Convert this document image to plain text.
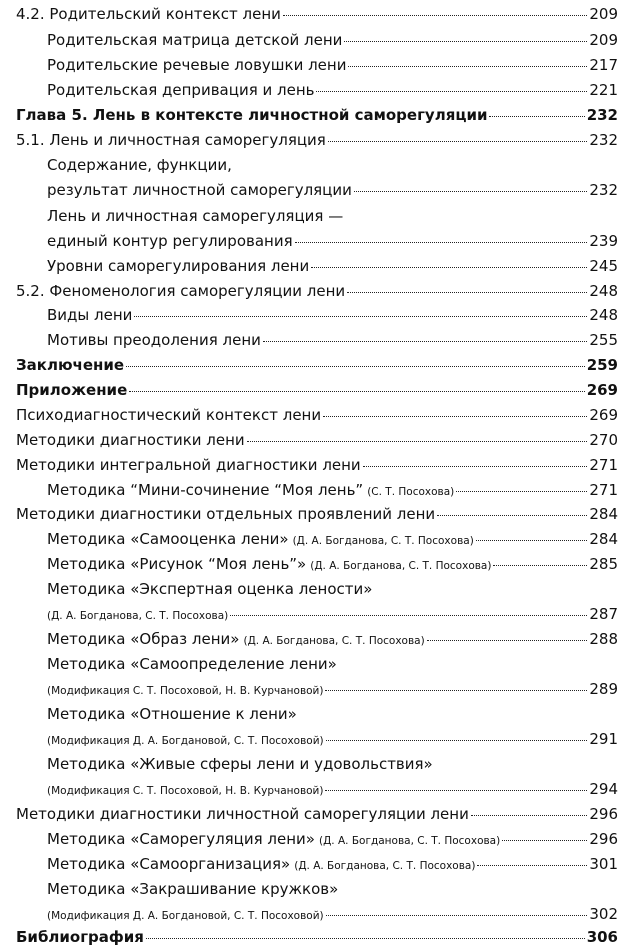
4.2. Родительский контекст лени	209
Родительская матрица детской лени	209
Родительские речевые ловушки лени	217
Родительская депривация и лень	221
Глава 5. Лень в контексте личностной саморегуляции	232
5.1. Лень и личностная саморегуляция	232
Содержание, функции,
результат личностной саморегуляции	232
Лень и личностная саморегуляция —
единый контур регулирования	239
Уровни саморегулирования лени	245
5.2. Феноменология саморегуляции лени	248
Виды лени	248
Мотивы преодоления лени	255
Заключение	259
Приложение	269
Психодиагностический контекст лени	269
Методики диагностики лени	270
Методики интегральной диагностики лени	271
Методика “Мини-сочинение “Моя лень” (С. Т. Посохова)	271
Методики диагностики отдельных проявлений лени	284
Методика «Самооценка лени» (Д. А. Богданова, С. Т. Посохова)	284
Методика «Рисунок “Моя лень”» (Д. А. Богданова, С. Т. Посохова)	285
Методика «Экспертная оценка лености»
(Д. А. Богданова, С. Т. Посохова)	287
Методика «Образ лени» (Д. А. Богданова, С. Т. Посохова)	288
Методика «Самоопределение лени»
(Модификация С. Т. Посоховой, Н. В. Курчановой)	289
Методика «Отношение к лени»
(Модификация Д. А. Богдановой, С. Т. Посоховой)	291
Методика «Живые сферы лени и удовольствия»
(Модификация С. Т. Посоховой, Н. В. Курчановой)	294
Методики диагностики личностной саморегуляции лени	296
Методика «Саморегуляция лени» (Д. А. Богданова, С. Т. Посохова)	296
Методика «Самоорганизация» (Д. А. Богданова, С. Т. Посохова)	301
Методика «Закрашивание кружков»
(Модификация Д. А. Богдановой, С. Т. Посоховой)	302
Библиография	306
